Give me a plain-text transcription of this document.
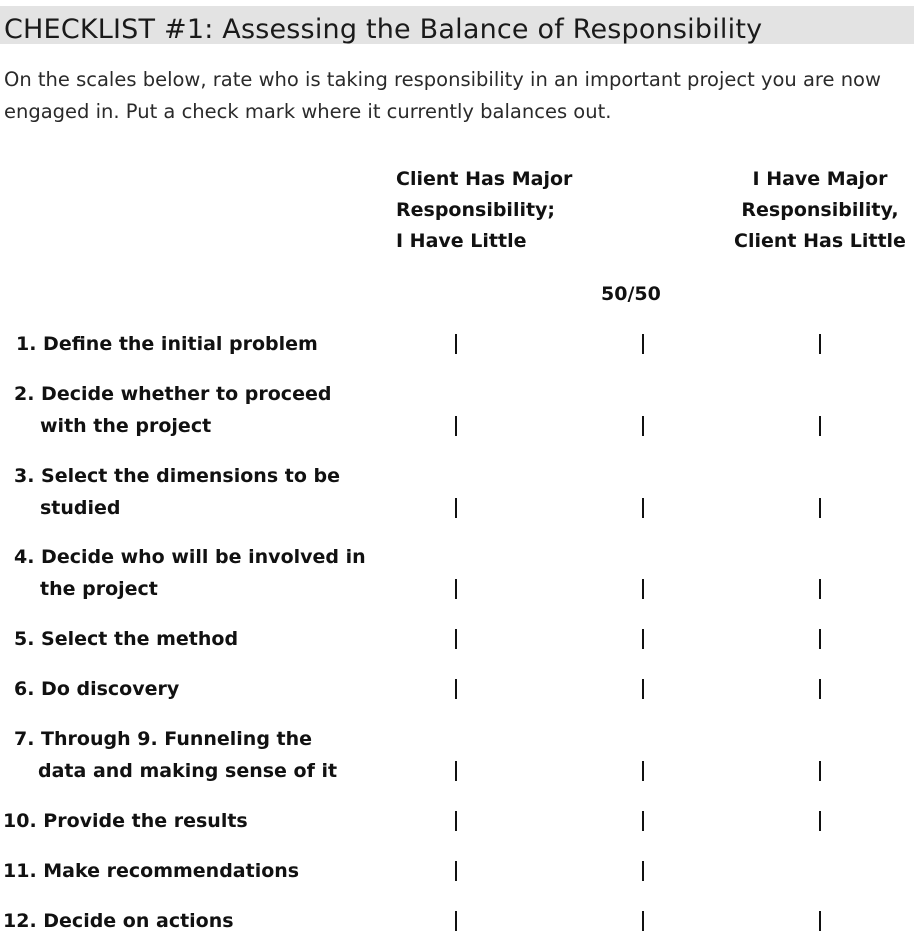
CHECKLIST #1: Assessing the Balance of Responsibility

On the scales below, rate who is taking responsibility in an important project you are now engaged in. Put a check mark where it currently balances out.

Client Has Major
Responsibility;
I Have Little
I Have Major
Responsibility,
Client Has Little
50/50
1. Define the initial problem
2. Decide whether to proceed
with the project
3. Select the dimensions to be
studied
4. Decide who will be involved in
the project
5. Select the method
6. Do discovery
7. Through 9. Funneling the
data and making sense of it
10. Provide the results
11. Make recommendations
12. Decide on actions
